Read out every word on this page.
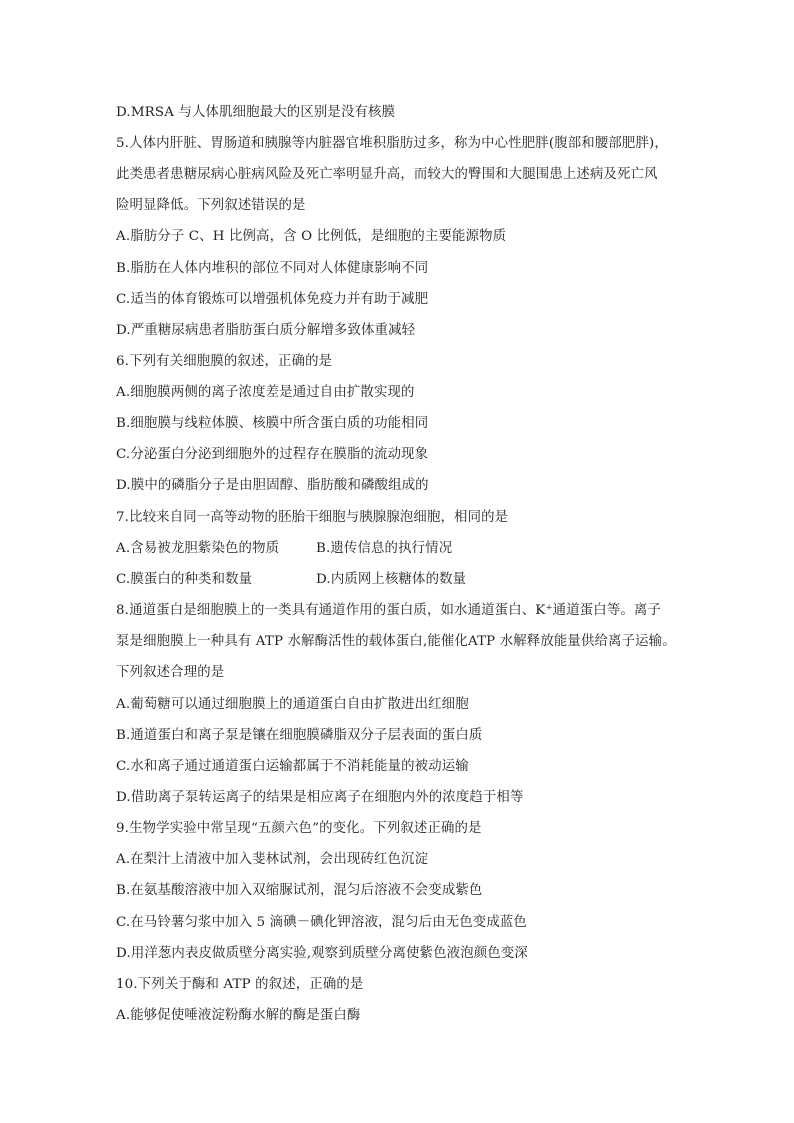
D.MRSA 与人体肌细胞最大的区别是没有核膜
5.人体内肝脏、胃肠道和胰腺等内脏器官堆积脂肪过多，称为中心性肥胖(腹部和腰部肥胖)，
此类患者患糖尿病心脏病风险及死亡率明显升高，而较大的臀围和大腿围患上述病及死亡风
险明显降低。下列叙述错误的是
A.脂肪分子 C、H 比例高，含 O 比例低，是细胞的主要能源物质
B.脂肪在人体内堆积的部位不同对人体健康影响不同
C.适当的体育锻炼可以增强机体免疫力并有助于减肥
D.严重糖尿病患者脂肪蛋白质分解增多致体重减轻
6.下列有关细胞膜的叙述，正确的是
A.细胞膜两侧的离子浓度差是通过自由扩散实现的
B.细胞膜与线粒体膜、核膜中所含蛋白质的功能相同
C.分泌蛋白分泌到细胞外的过程存在膜脂的流动现象
D.膜中的磷脂分子是由胆固醇、脂肪酸和磷酸组成的
7.比较来自同一高等动物的胚胎干细胞与胰腺腺泡细胞，相同的是
A.含易被龙胆紫染色的物质	B.遗传信息的执行情况
C.膜蛋白的种类和数量	D.内质网上核糖体的数量
8.通道蛋白是细胞膜上的一类具有通道作用的蛋白质，如水通道蛋白、K⁺通道蛋白等。离子
泵是细胞膜上一种具有 ATP 水解酶活性的载体蛋白,能催化ATP 水解释放能量供给离子运输。
下列叙述合理的是
A.葡萄糖可以通过细胞膜上的通道蛋白自由扩散进出红细胞
B.通道蛋白和离子泵是镶在细胞膜磷脂双分子层表面的蛋白质
C.水和离子通过通道蛋白运输都属于不消耗能量的被动运输
D.借助离子泵转运离子的结果是相应离子在细胞内外的浓度趋于相等
9.生物学实验中常呈现“五颜六色”的变化。下列叙述正确的是
A.在梨汁上清液中加入斐林试剂，会出现砖红色沉淀
B.在氨基酸溶液中加入双缩脲试剂，混匀后溶液不会变成紫色
C.在马铃薯匀浆中加入 5 滴碘－碘化钾溶液，混匀后由无色变成蓝色
D.用洋葱内表皮做质壁分离实验,观察到质壁分离使紫色液泡颜色变深
10.下列关于酶和 ATP 的叙述，正确的是
A.能够促使唾液淀粉酶水解的酶是蛋白酶
